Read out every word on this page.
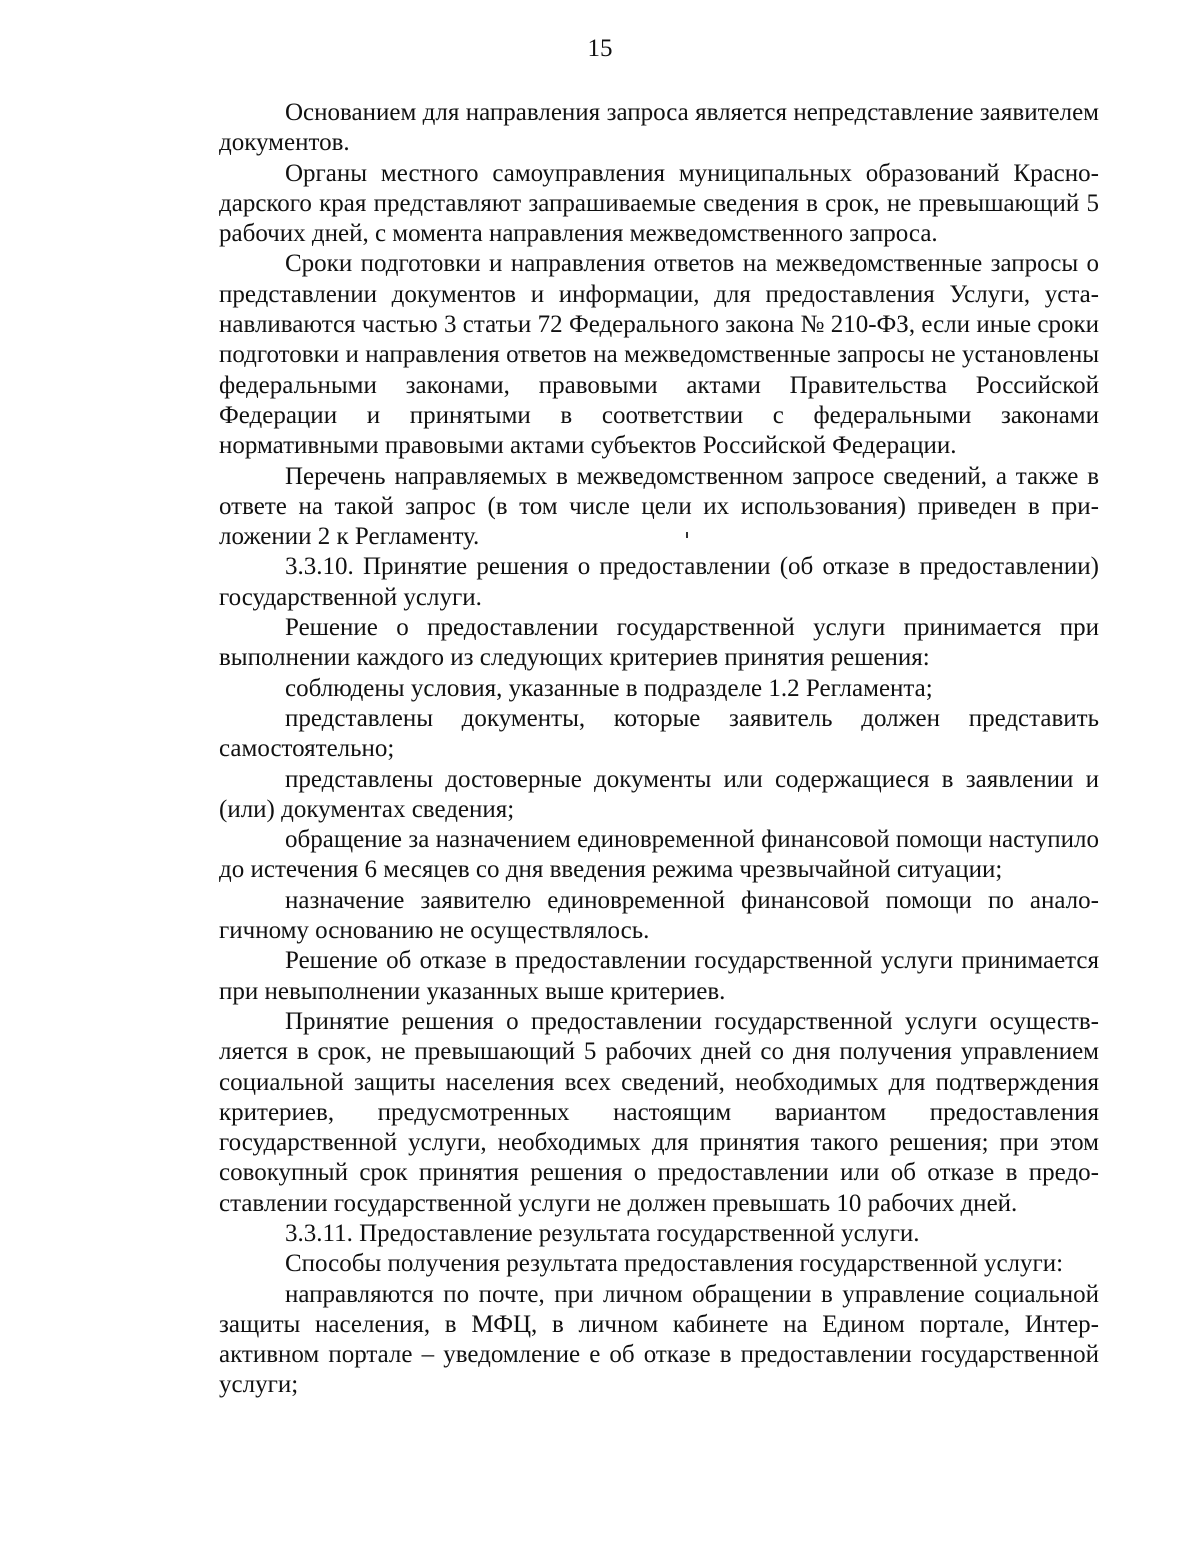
15

Основанием для направления запроса является непредставление заявителем документов.

Органы местного самоуправления муниципальных образований Краснодарского края представляют запрашиваемые сведения в срок, не превышающий 5 рабочих дней, с момента направления межведомственного запроса.

Сроки подготовки и направления ответов на межведомственные запросы о представлении документов и информации, для предоставления Услуги, устанавливаются частью 3 статьи 72 Федерального закона № 210-ФЗ, если иные сроки подготовки и направления ответов на межведомственные запросы не установлены федеральными законами, правовыми актами Правительства Российской Федерации и принятыми в соответствии с федеральными законами нормативными правовыми актами субъектов Российской Федерации.

Перечень направляемых в межведомственном запросе сведений, а также в ответе на такой запрос (в том числе цели их использования) приведен в приложении 2 к Регламенту.

3.3.10. Принятие решения о предоставлении (об отказе в предоставлении) государственной услуги.

Решение о предоставлении государственной услуги принимается при выполнении каждого из следующих критериев принятия решения:

соблюдены условия, указанные в подразделе 1.2 Регламента;

представлены документы, которые заявитель должен представить самостоятельно;

представлены достоверные документы или содержащиеся в заявлении и (или) документах сведения;

обращение за назначением единовременной финансовой помощи наступило до истечения 6 месяцев со дня введения режима чрезвычайной ситуации;

назначение заявителю единовременной финансовой помощи по аналогичному основанию не осуществлялось.

Решение об отказе в предоставлении государственной услуги принимается при невыполнении указанных выше критериев.

Принятие решения о предоставлении государственной услуги осуществляется в срок, не превышающий 5 рабочих дней со дня получения управлением социальной защиты населения всех сведений, необходимых для подтверждения критериев, предусмотренных настоящим вариантом предоставления государственной услуги, необходимых для принятия такого решения; при этом совокупный срок принятия решения о предоставлении или об отказе в предоставлении государственной услуги не должен превышать 10 рабочих дней.

3.3.11. Предоставление результата государственной услуги.

Способы получения результата предоставления государственной услуги:

направляются по почте, при личном обращении в управление социальной защиты населения, в МФЦ, в личном кабинете на Едином портале, Интерактивном портале – уведомление е об отказе в предоставлении государственной услуги;
